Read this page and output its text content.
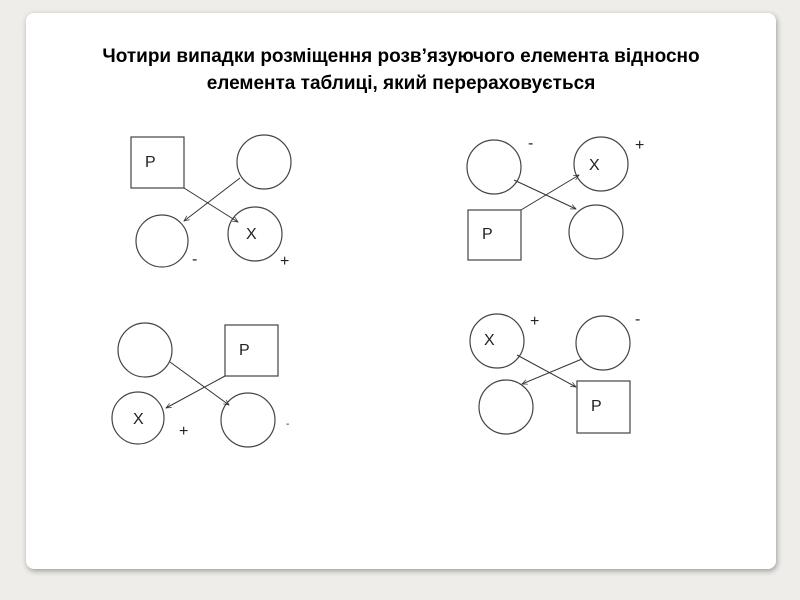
Чотири випадки розміщення розв’язуючого елемента відносно
елемента таблиці, який перераховується
P
X
-	+
X
P
-	+
P
X
+	-
X
P
+	-
